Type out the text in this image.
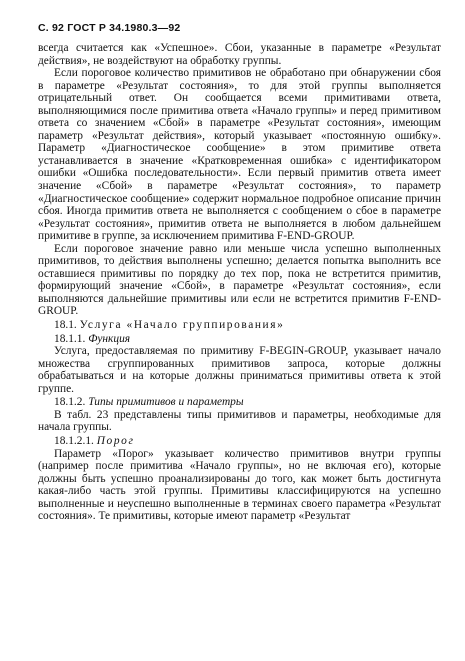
С. 92 ГОСТ Р 34.1980.3—92

всегда считается как «Успешное». Сбои, указанные в параметре «Результат действия», не воздействуют на обработку группы.

Если пороговое количество примитивов не обработано при обнаружении сбоя в параметре «Результат состояния», то для этой группы выполняется отрицательный ответ. Он сообщается всеми примитивами ответа, выполняющимися после примитива ответа «Начало группы» и перед примитивом ответа со значением «Сбой» в параметре «Результат состояния», имеющим параметр «Результат действия», который указывает «постоянную ошибку». Параметр «Диагностическое сообщение» в этом примитиве ответа устанавливается в значение «Кратковременная ошибка» с идентификатором ошибки «Ошибка последовательности». Если первый примитив ответа имеет значение «Сбой» в параметре «Результат состояния», то параметр «Диагностическое сообщение» содержит нормальное подробное описание причин сбоя. Иногда примитив ответа не выполняется с сообщением о сбое в параметре «Результат состояния», примитив ответа не выполняется в любом дальнейшем примитиве в группе, за исключением примитива F-END-GROUP.

Если пороговое значение равно или меньше числа успешно выполненных примитивов, то действия выполнены успешно; делается попытка выполнить все оставшиеся примитивы по порядку до тех пор, пока не встретится примитив, формирующий значение «Сбой», в параметре «Результат состояния», если выполняются дальнейшие примитивы или если не встретится примитив F-END-GROUP.

18.1. Услуга «Начало группирования»

18.1.1. Функция

Услуга, предоставляемая по примитиву F-BEGIN-GROUP, указывает начало множества сгруппированных примитивов запроса, которые должны обрабатываться и на которые должны приниматься примитивы ответа к этой группе.

18.1.2. Типы примитивов и параметры

В табл. 23 представлены типы примитивов и параметры, необходимые для начала группы.

18.1.2.1. Порог

Параметр «Порог» указывает количество примитивов внутри группы (например после примитива «Начало группы», но не включая его), которые должны быть успешно проанализированы до того, как может быть достигнута какая-либо часть этой группы. Примитивы классифицируются на успешно выполненные и неуспешно выполненные в терминах своего параметра «Результат состояния». Те примитивы, которые имеют параметр «Результат
